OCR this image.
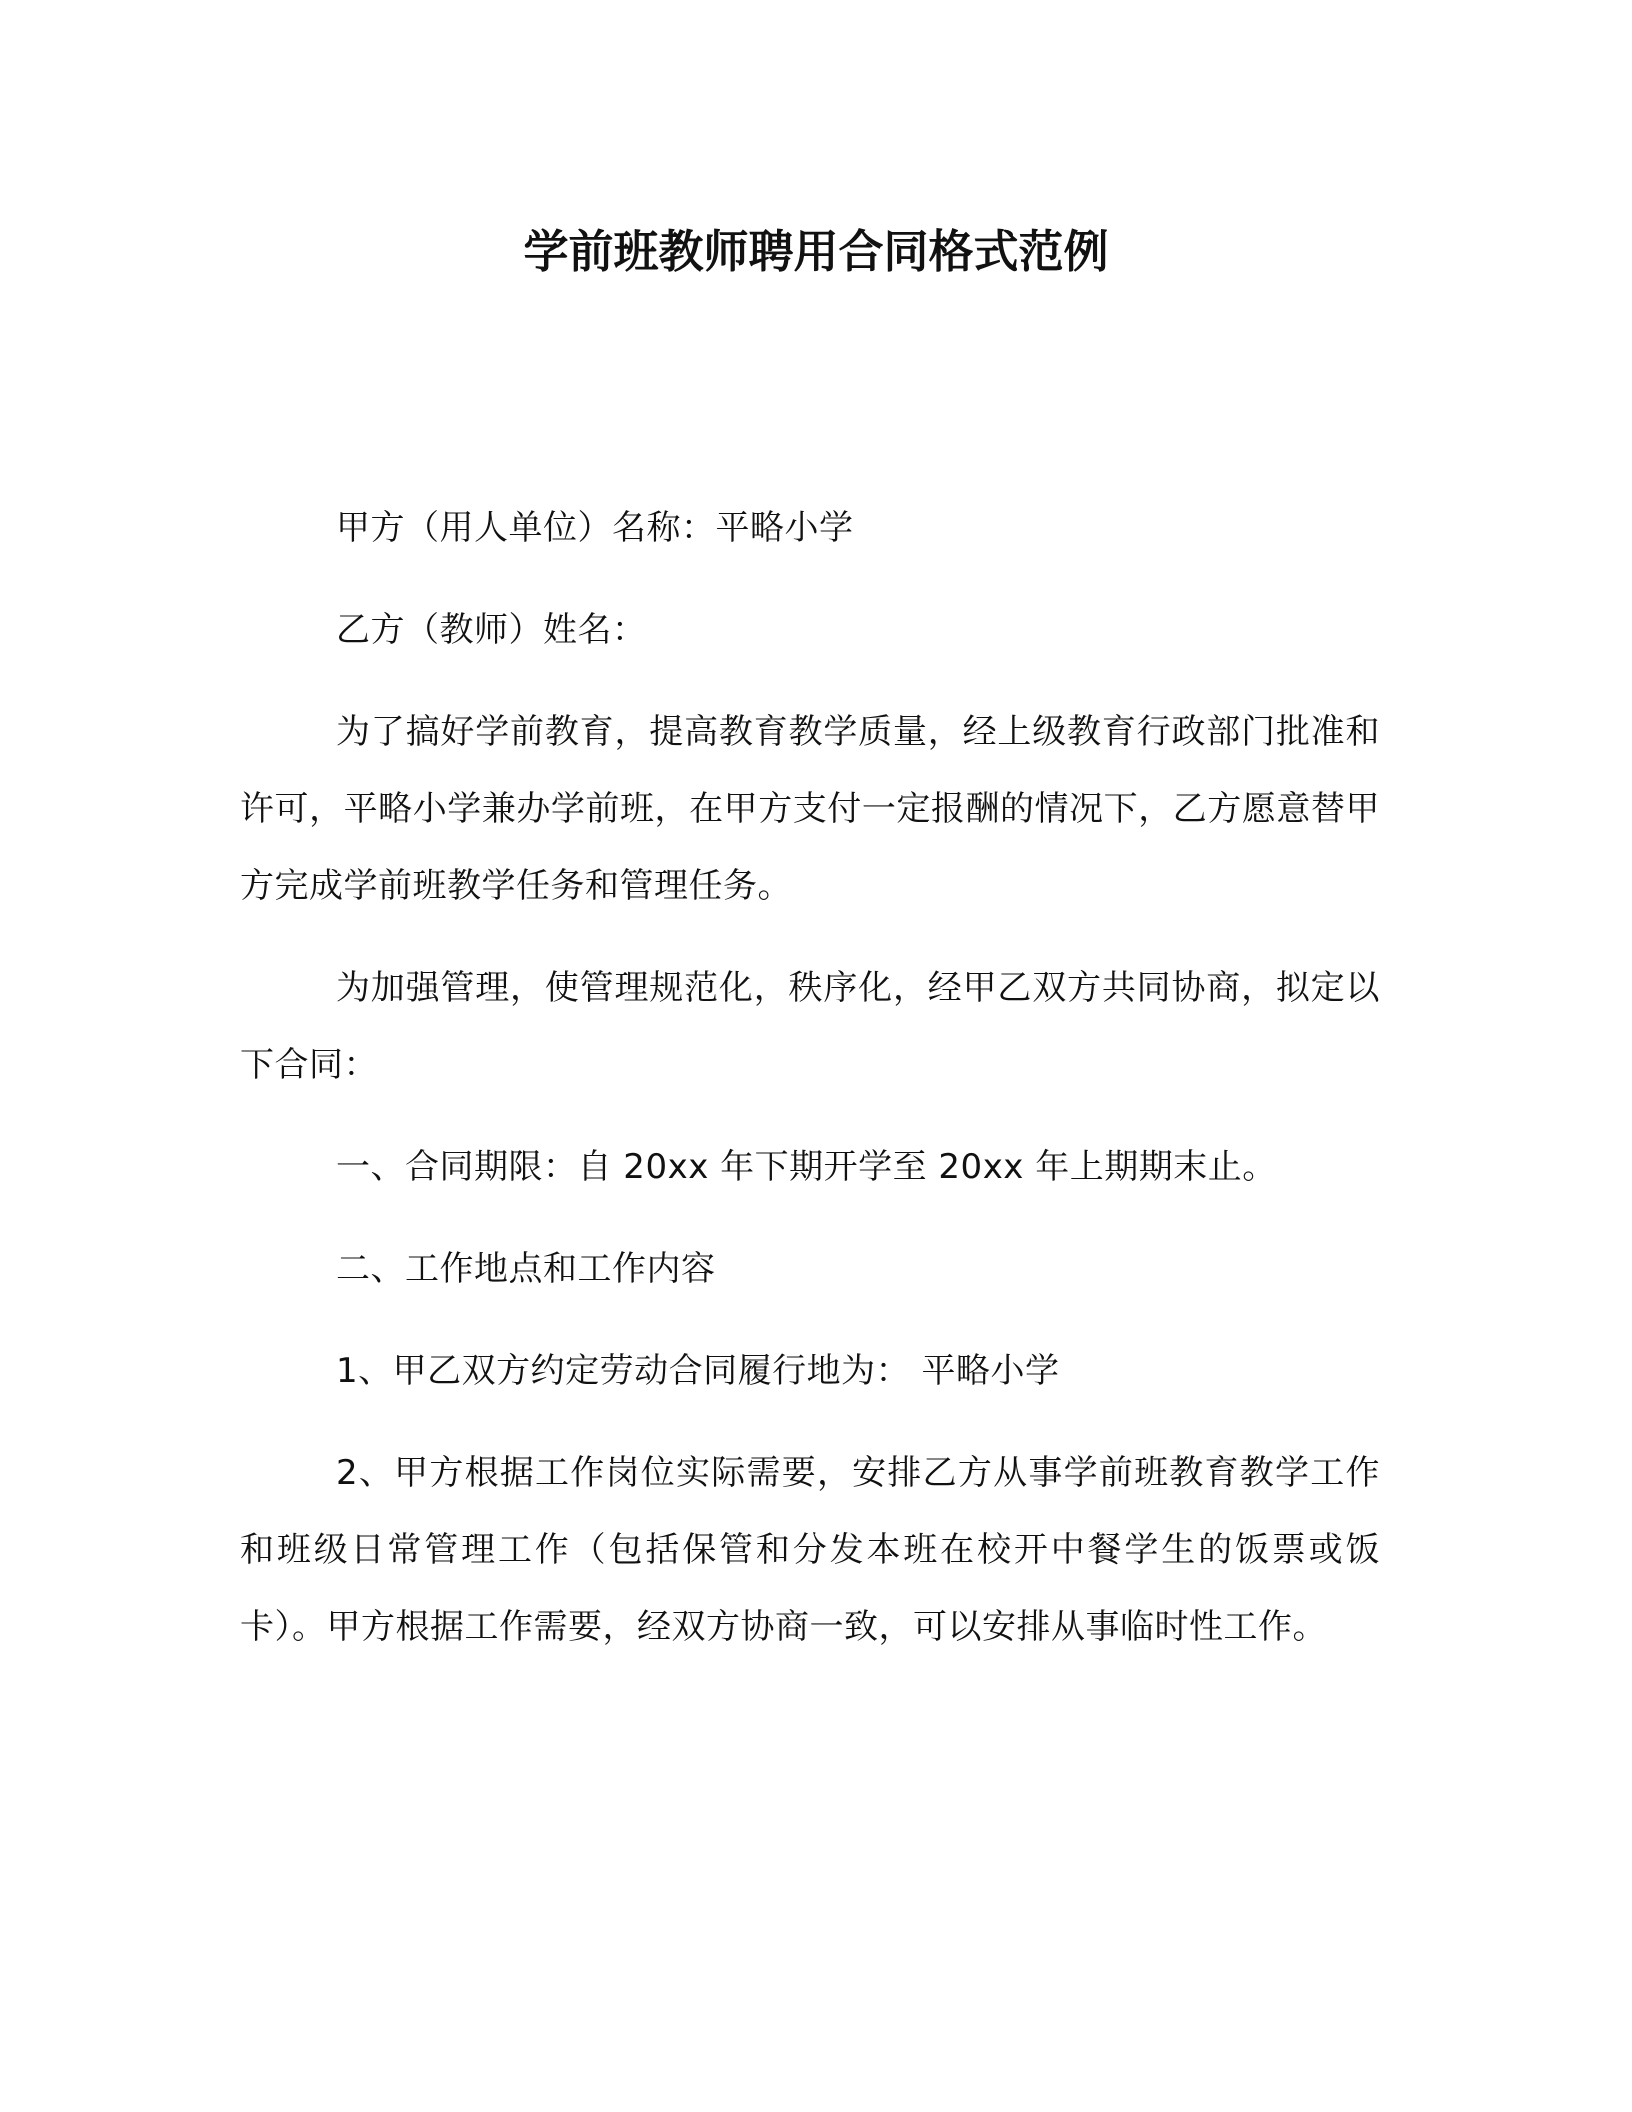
学前班教师聘用合同格式范例

甲方（用人单位）名称：平略小学

乙方（教师）姓名：

为了搞好学前教育，提高教育教学质量，经上级教育行政部门批准和许可，平略小学兼办学前班，在甲方支付一定报酬的情况下，乙方愿意替甲方完成学前班教学任务和管理任务。

为加强管理，使管理规范化，秩序化，经甲乙双方共同协商，拟定以下合同：

一、合同期限：自 20xx 年下期开学至 20xx 年上期期末止。

二、工作地点和工作内容

1、甲乙双方约定劳动合同履行地为： 平略小学

2、甲方根据工作岗位实际需要，安排乙方从事学前班教育教学工作和班级日常管理工作（包括保管和分发本班在校开中餐学生的饭票或饭卡）。甲方根据工作需要，经双方协商一致，可以安排从事临时性工作。
